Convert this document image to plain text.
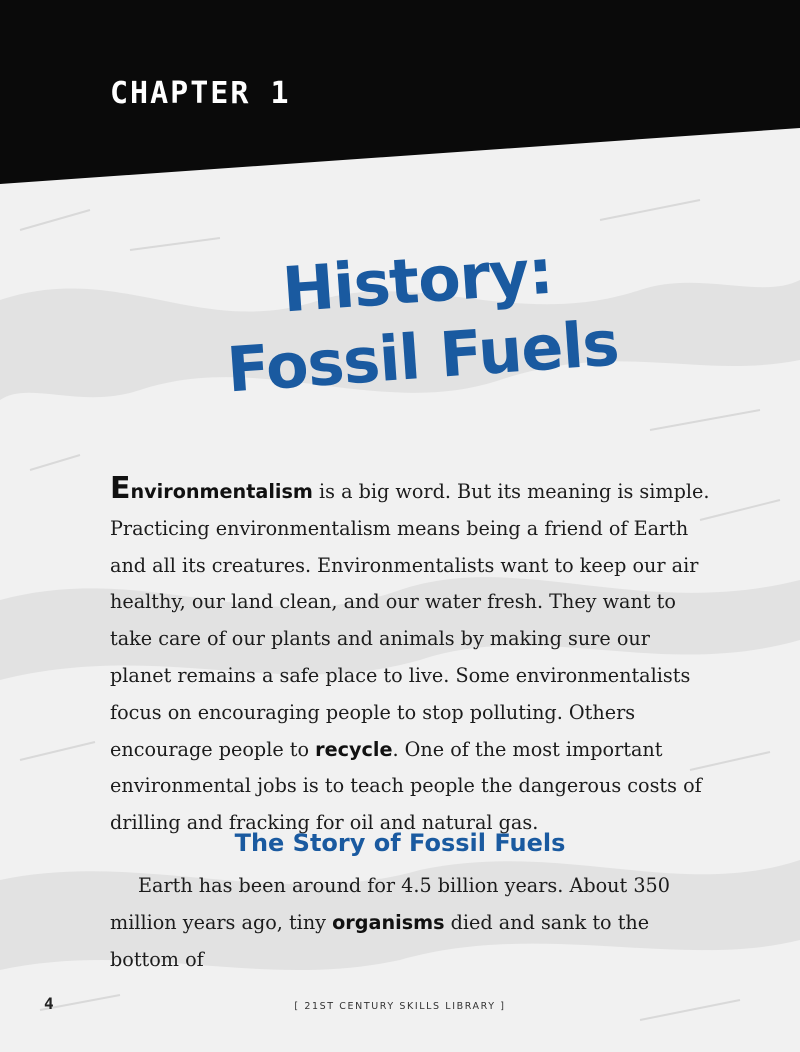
CHAPTER 1
History:
Fossil Fuels

Environmentalism is a big word. But its meaning is simple. Practicing environmentalism means being a friend of Earth and all its creatures. Environmentalists want to keep our air healthy, our land clean, and our water fresh. They want to take care of our plants and animals by making sure our planet remains a safe place to live. Some environmentalists focus on encouraging people to stop polluting. Others encourage people to recycle. One of the most important environmental jobs is to teach people the dangerous costs of drilling and fracking for oil and natural gas.

The Story of Fossil Fuels

Earth has been around for 4.5 billion years. About 350 million years ago, tiny organisms died and sank to the bottom of

4	[ 21ST CENTURY SKILLS LIBRARY ]
